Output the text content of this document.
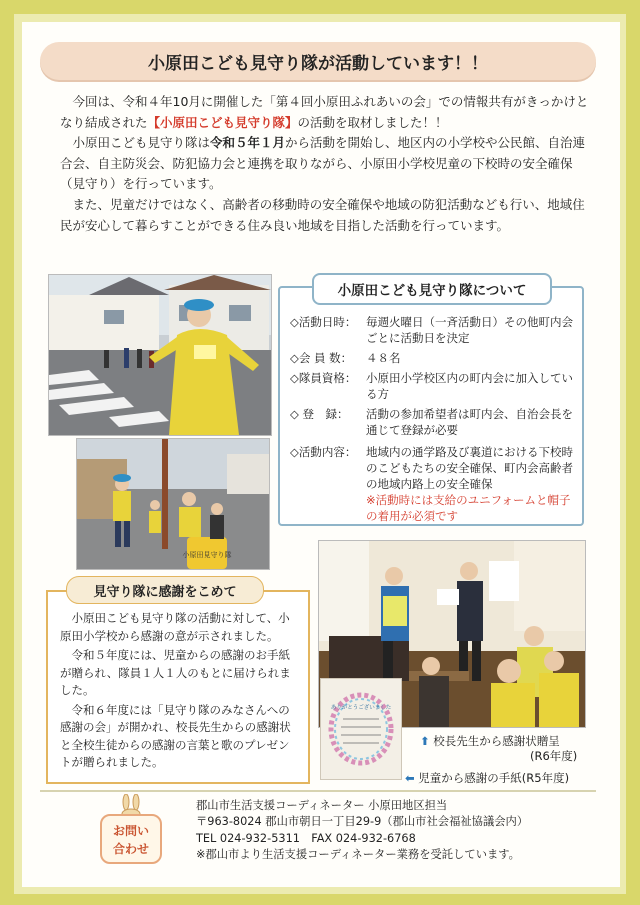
小原田こども見守り隊が活動しています！！

今回は、令和４年10月に開催した「第４回小原田ふれあいの会」での情報共有がきっかけとなり結成された【小原田こども見守り隊】の活動を取材しました！！

小原田こども見守り隊は令和５年１月から活動を開始し、地区内の小学校や公民館、自治連合会、自主防災会、防犯協力会と連携を取りながら、小原田小学校児童の下校時の安全確保（見守り）を行っています。

また、児童だけではなく、高齢者の移動時の安全確保や地域の防犯活動なども行い、地域住民が安心して暮らすことができる住み良い地域を目指した活動を行っています。

小原田見守り隊
◇活動日時： 毎週火曜日（一斉活動日）その他町内会ごとに活動日を決定
◇会 員 数：	４８名
◇隊員資格： 小原田小学校区内の町内会に加入している方
◇ 登　録：	活動の参加希望者は町内会、自治会長を通じて登録が必要
◇活動内容： 地域内の通学路及び裏道における下校時のこどもたちの安全確保、町内会高齢者の地域内路上の安全確保
※活動時には支給のユニフォームと帽子の着用が必須です
小原田こども見守り隊について
ありがとうございました
⬆ 校長先生から感謝状贈呈
(R6年度)
⬅ 児童から感謝の手紙(R5年度)

小原田こども見守り隊の活動に対して、小原田小学校から感謝の意が示されました。

令和５年度には、児童からの感謝のお手紙が贈られ、隊員１人１人のもとに届けられました。

令和６年度には「見守り隊のみなさんへの感謝の会」が開かれ、校長先生からの感謝状と全校生徒からの感謝の言葉と歌のプレゼントが贈られました。

見守り隊に感謝をこめて
お問い
合わせ
郡山市生活支援コーディネーター 小原田地区担当
〒963-8024 郡山市朝日一丁目29-9（郡山市社会福祉協議会内）
TEL 024-932-5311　FAX 024-932-6768
※郡山市より生活支援コーディネーター業務を受託しています。
